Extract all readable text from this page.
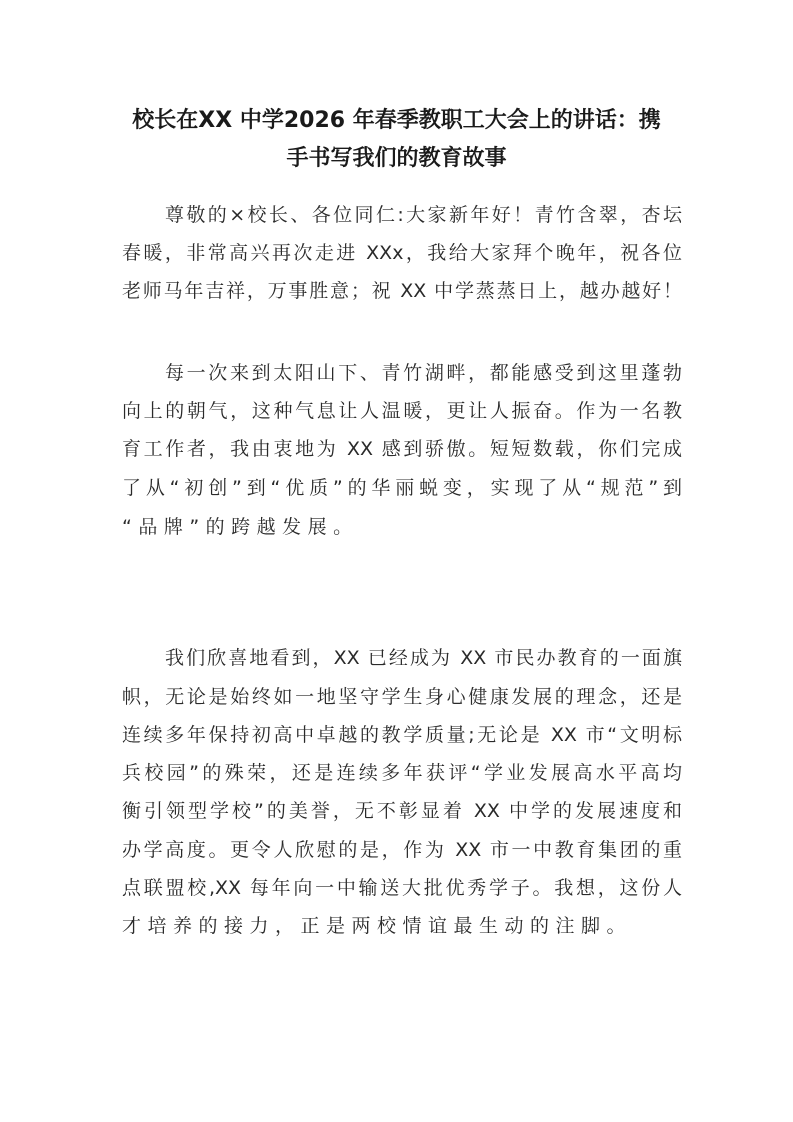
校长在XX 中学2026 年春季教职工大会上的讲话：携
手书写我们的教育故事
尊敬的×校长、各位同仁:大家新年好！青竹含翠，杏坛
春暖，非常高兴再次走进 XXx，我给大家拜个晚年，祝各位
老师马年吉祥，万事胜意；祝 XX 中学蒸蒸日上，越办越好！
每一次来到太阳山下、青竹湖畔，都能感受到这里蓬勃
向上的朝气，这种气息让人温暖，更让人振奋。作为一名教
育工作者，我由衷地为 XX 感到骄傲。短短数载，你们完成
了从“初创”到“优质”的华丽蜕变，实现了从“规范”到
“品牌”的跨越发展。
我们欣喜地看到，XX 已经成为 XX 市民办教育的一面旗
帜，无论是始终如一地坚守学生身心健康发展的理念，还是
连续多年保持初高中卓越的教学质量;无论是 XX 市“文明标
兵校园”的殊荣，还是连续多年获评“学业发展高水平高均
衡引领型学校”的美誉，无不彰显着 XX 中学的发展速度和
办学高度。更令人欣慰的是，作为 XX 市一中教育集团的重
点联盟校,XX 每年向一中输送大批优秀学子。我想，这份人
才培养的接力，正是两校情谊最生动的注脚。
